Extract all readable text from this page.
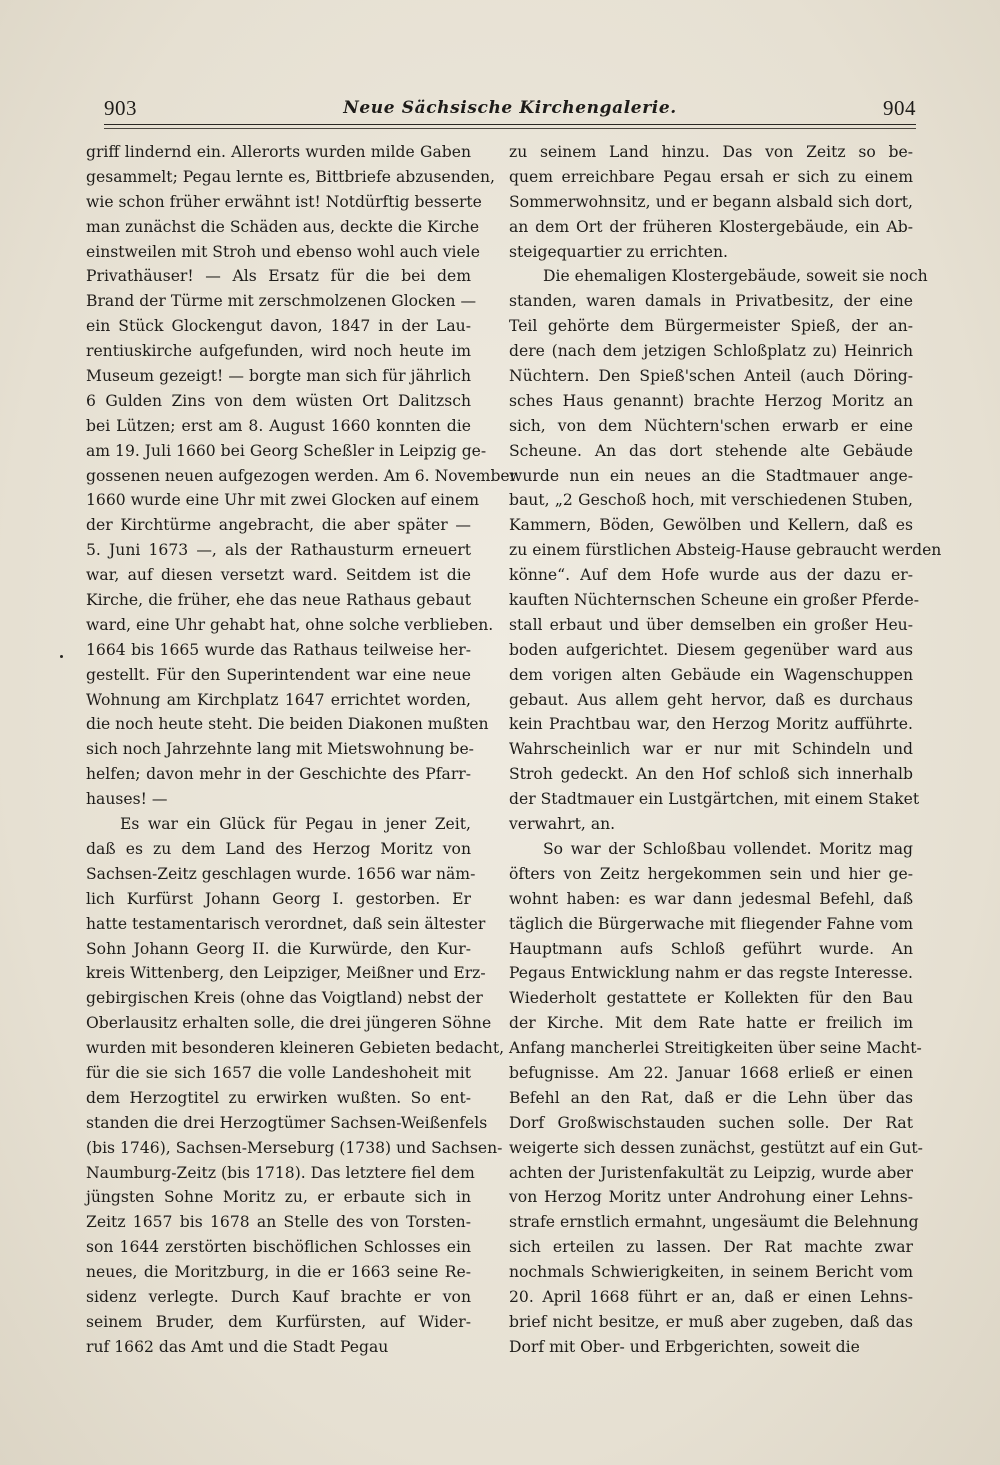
903	Neue Sächsische Kirchengalerie.	904
griff lindernd ein. Allerorts wurden milde Gaben
gesammelt; Pegau lernte es, Bittbriefe abzusenden,
wie schon früher erwähnt ist! Notdürftig besserte
man zunächst die Schäden aus, deckte die Kirche
einstweilen mit Stroh und ebenso wohl auch viele
Privathäuser! — Als Ersatz für die bei dem
Brand der Türme mit zerschmolzenen Glocken —
ein Stück Glockengut davon, 1847 in der Lau-
rentiuskirche aufgefunden, wird noch heute im
Museum gezeigt! — borgte man sich für jährlich
6 Gulden Zins von dem wüsten Ort Dalitzsch
bei Lützen; erst am 8. August 1660 konnten die
am 19. Juli 1660 bei Georg Scheßler in Leipzig ge-
gossenen neuen aufgezogen werden. Am 6. November
1660 wurde eine Uhr mit zwei Glocken auf einem
der Kirchtürme angebracht, die aber später —
5. Juni 1673 —, als der Rathausturm erneuert
war, auf diesen versetzt ward. Seitdem ist die
Kirche, die früher, ehe das neue Rathaus gebaut
ward, eine Uhr gehabt hat, ohne solche verblieben.
1664 bis 1665 wurde das Rathaus teilweise her-
gestellt. Für den Superintendent war eine neue
Wohnung am Kirchplatz 1647 errichtet worden,
die noch heute steht. Die beiden Diakonen mußten
sich noch Jahrzehnte lang mit Mietswohnung be-
helfen; davon mehr in der Geschichte des Pfarr-
hauses! —
Es war ein Glück für Pegau in jener Zeit,
daß es zu dem Land des Herzog Moritz von
Sachsen-Zeitz geschlagen wurde. 1656 war näm-
lich Kurfürst Johann Georg I. gestorben. Er
hatte testamentarisch verordnet, daß sein ältester
Sohn Johann Georg II. die Kurwürde, den Kur-
kreis Wittenberg, den Leipziger, Meißner und Erz-
gebirgischen Kreis (ohne das Voigtland) nebst der
Oberlausitz erhalten solle, die drei jüngeren Söhne
wurden mit besonderen kleineren Gebieten bedacht,
für die sie sich 1657 die volle Landeshoheit mit
dem Herzogtitel zu erwirken wußten. So ent-
standen die drei Herzogtümer Sachsen-Weißenfels
(bis 1746), Sachsen-Merseburg (1738) und Sachsen-
Naumburg-Zeitz (bis 1718). Das letztere fiel dem
jüngsten Sohne Moritz zu, er erbaute sich in
Zeitz 1657 bis 1678 an Stelle des von Torsten-
son 1644 zerstörten bischöflichen Schlosses ein
neues, die Moritzburg, in die er 1663 seine Re-
sidenz verlegte. Durch Kauf brachte er von
seinem Bruder, dem Kurfürsten, auf Wider-
ruf 1662 das Amt und die Stadt Pegau
zu seinem Land hinzu. Das von Zeitz so be-
quem erreichbare Pegau ersah er sich zu einem
Sommerwohnsitz, und er begann alsbald sich dort,
an dem Ort der früheren Klostergebäude, ein Ab-
steigequartier zu errichten.
Die ehemaligen Klostergebäude, soweit sie noch
standen, waren damals in Privatbesitz, der eine
Teil gehörte dem Bürgermeister Spieß, der an-
dere (nach dem jetzigen Schloßplatz zu) Heinrich
Nüchtern. Den Spieß'schen Anteil (auch Döring-
sches Haus genannt) brachte Herzog Moritz an
sich, von dem Nüchtern'schen erwarb er eine
Scheune. An das dort stehende alte Gebäude
wurde nun ein neues an die Stadtmauer ange-
baut, „2 Geschoß hoch, mit verschiedenen Stuben,
Kammern, Böden, Gewölben und Kellern, daß es
zu einem fürstlichen Absteig-Hause gebraucht werden
könne“. Auf dem Hofe wurde aus der dazu er-
kauften Nüchternschen Scheune ein großer Pferde-
stall erbaut und über demselben ein großer Heu-
boden aufgerichtet. Diesem gegenüber ward aus
dem vorigen alten Gebäude ein Wagenschuppen
gebaut. Aus allem geht hervor, daß es durchaus
kein Prachtbau war, den Herzog Moritz aufführte.
Wahrscheinlich war er nur mit Schindeln und
Stroh gedeckt. An den Hof schloß sich innerhalb
der Stadtmauer ein Lustgärtchen, mit einem Staket
verwahrt, an.
So war der Schloßbau vollendet. Moritz mag
öfters von Zeitz hergekommen sein und hier ge-
wohnt haben: es war dann jedesmal Befehl, daß
täglich die Bürgerwache mit fliegender Fahne vom
Hauptmann aufs Schloß geführt wurde. An
Pegaus Entwicklung nahm er das regste Interesse.
Wiederholt gestattete er Kollekten für den Bau
der Kirche. Mit dem Rate hatte er freilich im
Anfang mancherlei Streitigkeiten über seine Macht-
befugnisse. Am 22. Januar 1668 erließ er einen
Befehl an den Rat, daß er die Lehn über das
Dorf Großwischstauden suchen solle. Der Rat
weigerte sich dessen zunächst, gestützt auf ein Gut-
achten der Juristenfakultät zu Leipzig, wurde aber
von Herzog Moritz unter Androhung einer Lehns-
strafe ernstlich ermahnt, ungesäumt die Belehnung
sich erteilen zu lassen. Der Rat machte zwar
nochmals Schwierigkeiten, in seinem Bericht vom
20. April 1668 führt er an, daß er einen Lehns-
brief nicht besitze, er muß aber zugeben, daß das
Dorf mit Ober- und Erbgerichten, soweit die
